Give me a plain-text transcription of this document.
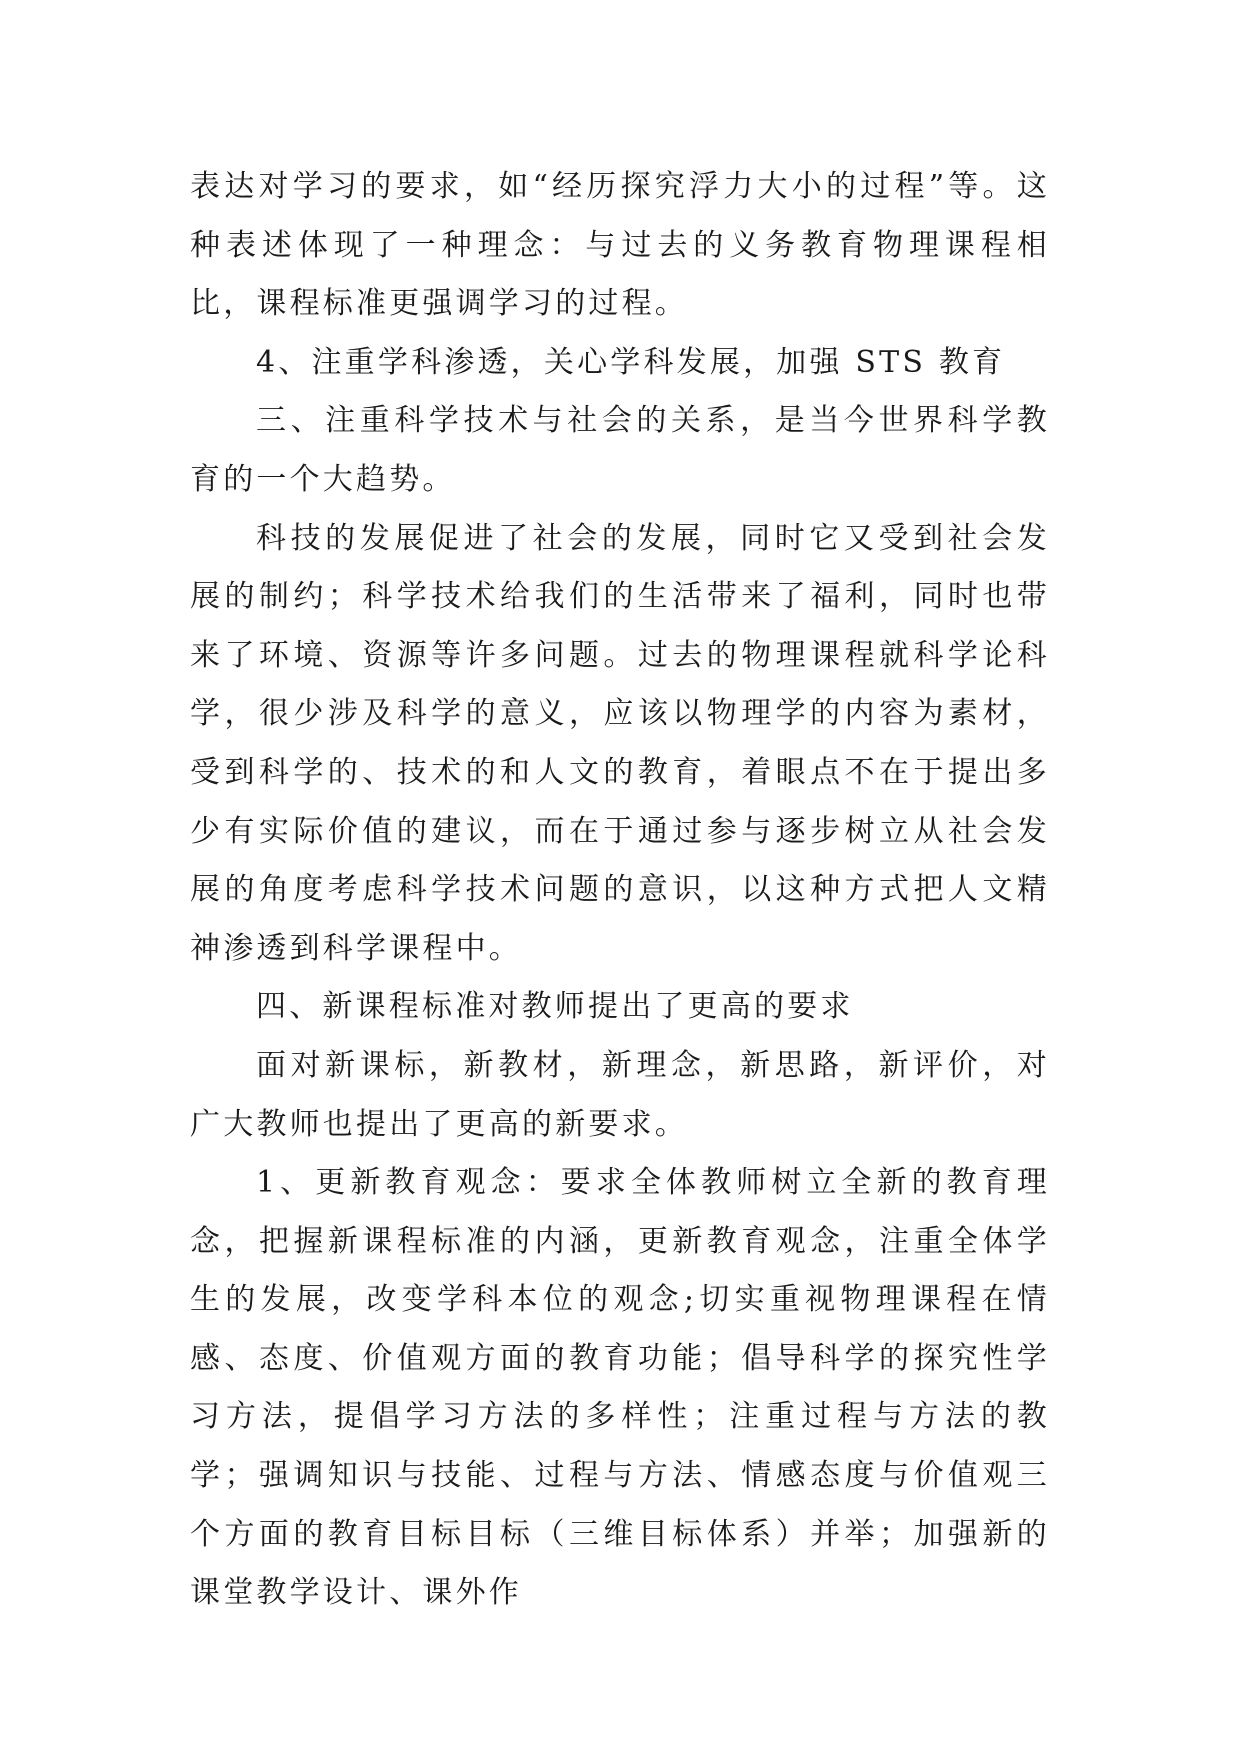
表达对学习的要求，如“经历探究浮力大小的过程”等。这种表述体现了一种理念：与过去的义务教育物理课程相比，课程标准更强调学习的过程。

4、注重学科渗透，关心学科发展，加强 STS 教育

三、注重科学技术与社会的关系，是当今世界科学教育的一个大趋势。

科技的发展促进了社会的发展，同时它又受到社会发展的制约；科学技术给我们的生活带来了福利，同时也带来了环境、资源等许多问题。过去的物理课程就科学论科学，很少涉及科学的意义，应该以物理学的内容为素材，受到科学的、技术的和人文的教育，着眼点不在于提出多少有实际价值的建议，而在于通过参与逐步树立从社会发展的角度考虑科学技术问题的意识，以这种方式把人文精神渗透到科学课程中。

四、新课程标准对教师提出了更高的要求

面对新课标，新教材，新理念，新思路，新评价，对广大教师也提出了更高的新要求。

1、更新教育观念：要求全体教师树立全新的教育理念，把握新课程标准的内涵，更新教育观念，注重全体学生的发展，改变学科本位的观念;切实重视物理课程在情感、态度、价值观方面的教育功能；倡导科学的探究性学习方法，提倡学习方法的多样性；注重过程与方法的教学；强调知识与技能、过程与方法、情感态度与价值观三个方面的教育目标目标（三维目标体系）并举；加强新的课堂教学设计、课外作
